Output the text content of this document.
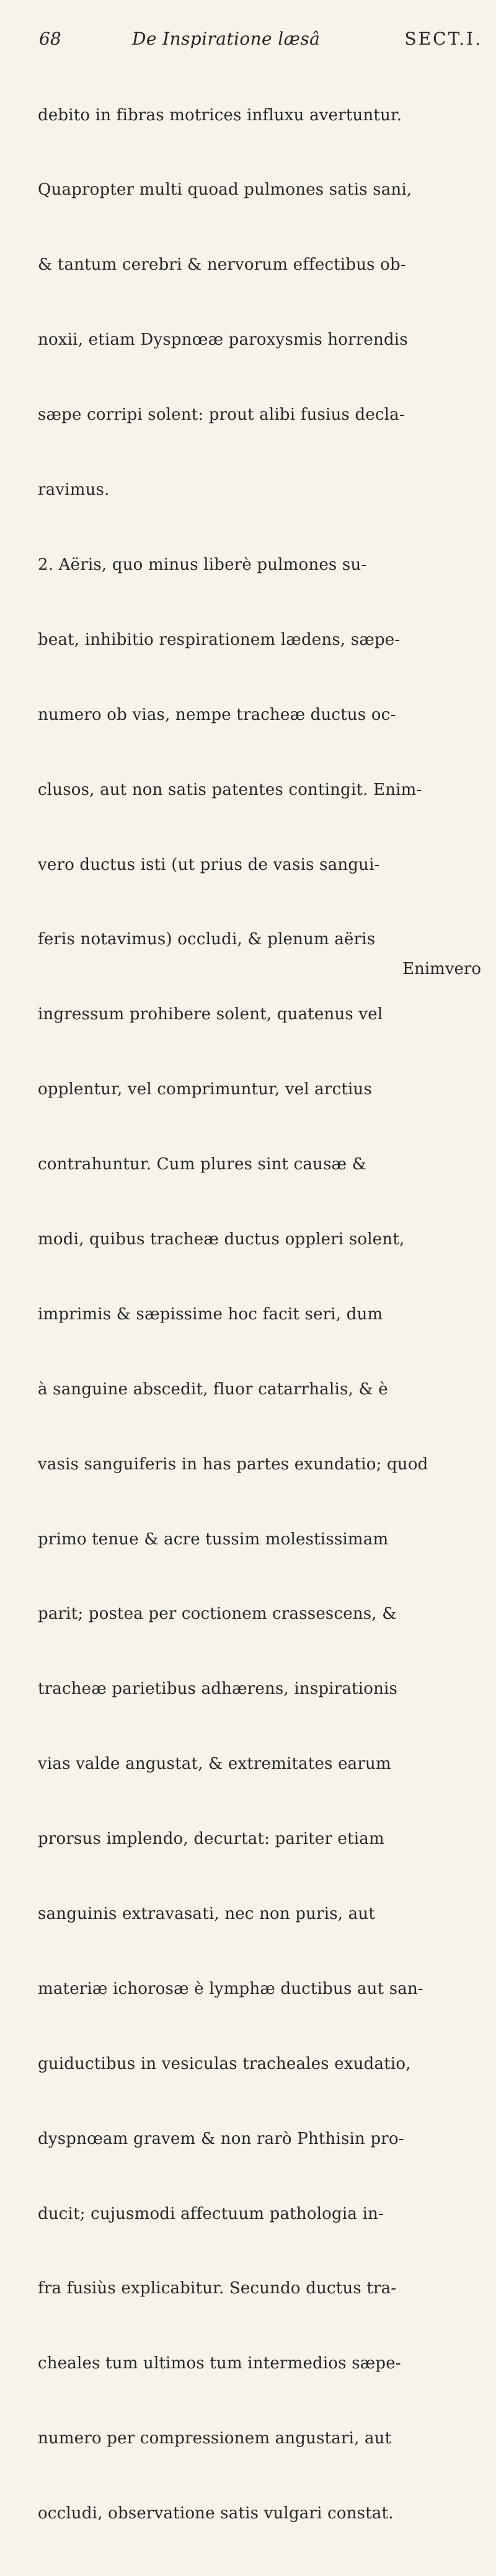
68	De Inspiratione læsâ	SECT.I.

debito in fibras motrices influxu avertuntur.

Quapropter multi quoad pulmones satis sani,

& tantum cerebri & nervorum effectibus ob-

noxii, etiam Dyspnœæ paroxysmis horrendis

sæpe corripi solent: prout alibi fusius decla-

ravimus.

2. Aëris, quo minus liberè pulmones su-

beat, inhibitio respirationem lædens, sæpe-

numero ob vias, nempe tracheæ ductus oc-

clusos, aut non satis patentes contingit. Enim-

vero ductus isti (ut prius de vasis sangui-

feris notavimus) occludi, & plenum aëris

ingressum prohibere solent, quatenus vel

opplentur, vel comprimuntur, vel arctius

contrahuntur. Cum plures sint causæ &

modi, quibus tracheæ ductus oppleri solent,

imprimis & sæpissime hoc facit seri, dum

à sanguine abscedit, fluor catarrhalis, & è

vasis sanguiferis in has partes exundatio; quod

primo tenue & acre tussim molestissimam

parit; postea per coctionem crassescens, &

tracheæ parietibus adhærens, inspirationis

vias valde angustat, & extremitates earum

prorsus implendo, decurtat: pariter etiam

sanguinis extravasati, nec non puris, aut

materiæ ichorosæ è lymphæ ductibus aut san-

guiductibus in vesiculas tracheales exudatio,

dyspnœam gravem & non rarò Phthisin pro-

ducit; cujusmodi affectuum pathologia in-

fra fusiùs explicabitur. Secundo ductus tra-

cheales tum ultimos tum intermedios sæpe-

numero per compressionem angustari, aut

occludi, observatione satis vulgari constat.

Enimvero
